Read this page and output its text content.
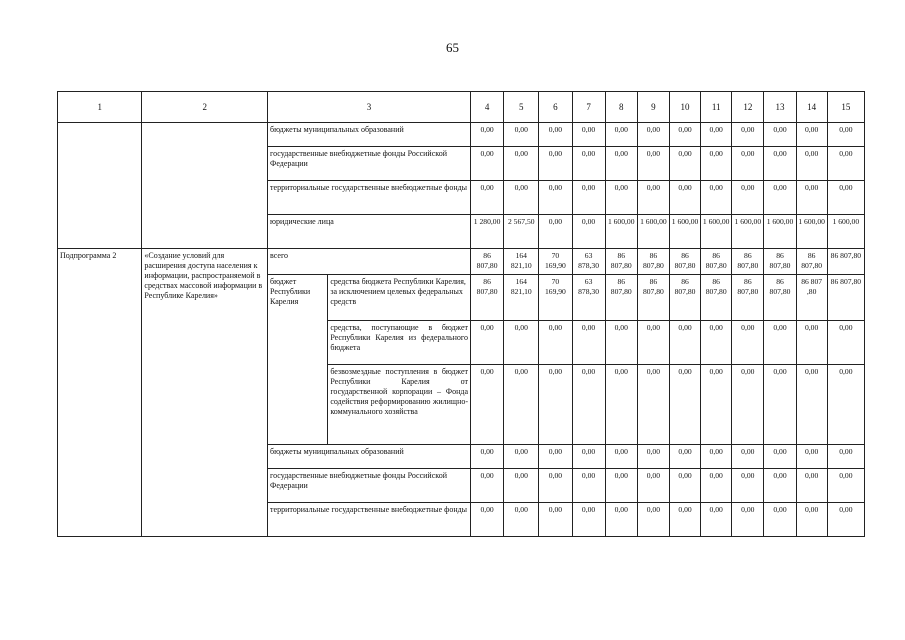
65
1	2	3		4	5	6	7	8	9	10	11	12	13	14	15
		бюджеты муниципальных образований		0,00	0,00	0,00	0,00	0,00	0,00	0,00	0,00	0,00	0,00	0,00	0,00
		государственные внебюджетные фонды Российской Федерации		0,00	0,00	0,00	0,00	0,00	0,00	0,00	0,00	0,00	0,00	0,00	0,00
		территориальные государственные внебюджетные фонды		0,00	0,00	0,00	0,00	0,00	0,00	0,00	0,00	0,00	0,00	0,00	0,00
		юридические лица		1 280,00	2 567,50	0,00	0,00	1 600,00	1 600,00	1 600,00	1 600,00	1 600,00	1 600,00	1 600,00	1 600,00
Подпрограмма 2	«Создание условий для расширения доступа населения к информации, распространяемой в средствах массовой информации в Республике Карелия»	всего		86 807,80	164 821,10	70 169,90	63 878,30	86 807,80	86 807,80	86 807,80	86 807,80	86 807,80	86 807,80	86 807,80	86 807,80
		бюджет Республики Карелия	средства бюджета Республики Карелия, за исключением целевых федеральных средств	86 807,80	164 821,10	70 169,90	63 878,30	86 807,80	86 807,80	86 807,80	86 807,80	86 807,80	86 807,80	86 807 ,80	86 807,80
			средства, поступающие в бюджет Республики Карелия из федерального бюджета	0,00	0,00	0,00	0,00	0,00	0,00	0,00	0,00	0,00	0,00	0,00	0,00
			безвозмездные поступления в бюджет Республики Карелия от государственной корпорации – Фонда содействия реформированию жилищно-коммунального хозяйства	0,00	0,00	0,00	0,00	0,00	0,00	0,00	0,00	0,00	0,00	0,00	0,00
		бюджеты муниципальных образований		0,00	0,00	0,00	0,00	0,00	0,00	0,00	0,00	0,00	0,00	0,00	0,00
		государственные внебюджетные фонды Российской Федерации		0,00	0,00	0,00	0,00	0,00	0,00	0,00	0,00	0,00	0,00	0,00	0,00
		территориальные государственные внебюджетные фонды		0,00	0,00	0,00	0,00	0,00	0,00	0,00	0,00	0,00	0,00	0,00	0,00
